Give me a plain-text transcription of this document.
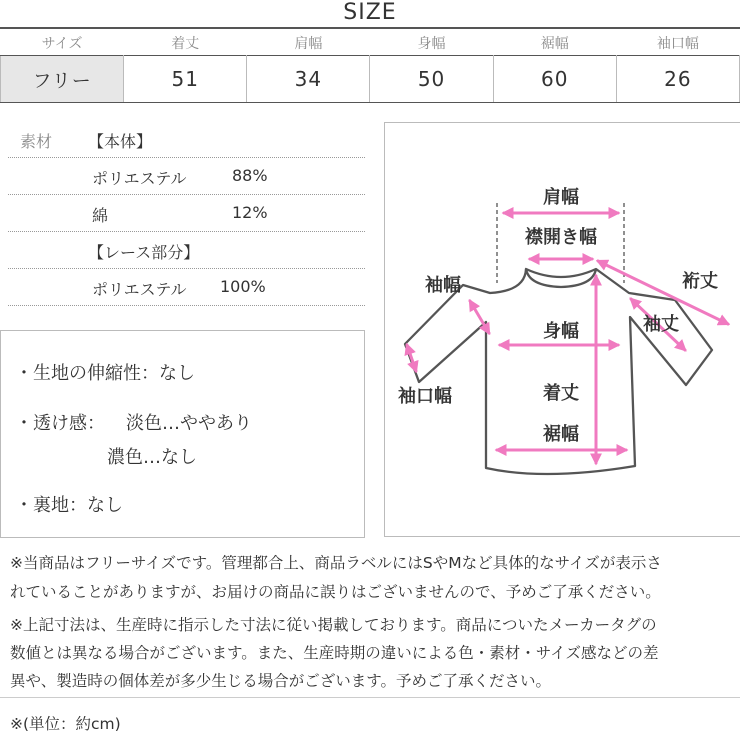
SIZE
サイズ	着丈	肩幅	身幅	裾幅	袖口幅
フリー	51	34	50	60	26
素材 【本体】
ポリエステル	88%
綿	12%
【レース部分】
ポリエステル 100%
・生地の伸縮性：なし
・透け感： 淡色…ややあり
濃色…なし
・裏地：なし
肩幅
襟開き幅
裄丈
袖幅
袖丈
身幅
袖口幅	着丈
裾幅
※当商品はフリーサイズです。管理都合上、商品ラベルにはSやMなど具体的なサイズが表示さ
れていることがありますが、お届けの商品に誤りはございませんので、予めご了承ください。
※上記寸法は、生産時に指示した寸法に従い掲載しております。商品についたメーカータグの
数値とは異なる場合がございます。また、生産時期の違いによる色・素材・サイズ感などの差
異や、製造時の個体差が多少生じる場合がございます。予めご了承ください。
※(単位：約cm)
